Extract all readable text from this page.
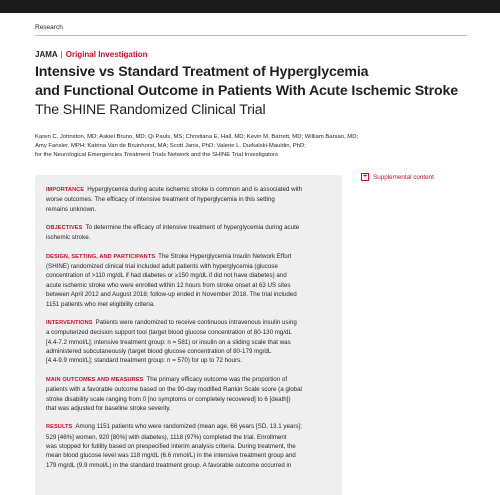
Research
JAMA | Original Investigation
Intensive vs Standard Treatment of Hyperglycemia
and Functional Outcome in Patients With Acute Ischemic Stroke
The SHINE Randomized Clinical Trial
Karen C. Johnston, MD; Askiel Bruno, MD; Qi Pauls, MS; Christiana E. Hall, MD; Kevin M. Barrett, MD; William Barsan, MD;
Amy Fansler, MPH; Katrina Van de Bruinhorst, MA; Scott Janis, PhD; Valerie L. Durkalski-Mauldin, PhD;
for the Neurological Emergencies Treatment Trials Network and the SHINE Trial Investigators
+ Supplemental content
IMPORTANCE Hyperglycemia during acute ischemic stroke is common and is associated with
worse outcomes. The efficacy of intensive treatment of hyperglycemia in this setting
remains unknown.
OBJECTIVES To determine the efficacy of intensive treatment of hyperglycemia during acute
ischemic stroke.
DESIGN, SETTING, AND PARTICIPANTS The Stroke Hyperglycemia Insulin Network Effort
(SHINE) randomized clinical trial included adult patients with hyperglycemia (glucose
concentration of >110 mg/dL if had diabetes or ≥150 mg/dL if did not have diabetes) and
acute ischemic stroke who were enrolled within 12 hours from stroke onset at 63 US sites
between April 2012 and August 2018; follow-up ended in November 2018. The trial included
1151 patients who met eligibility criteria.
INTERVENTIONS Patients were randomized to receive continuous intravenous insulin using
a computerized decision support tool (target blood glucose concentration of 80-130 mg/dL
[4.4-7.2 mmol/L]; intensive treatment group: n = 581) or insulin on a sliding scale that was
administered subcutaneously (target blood glucose concentration of 80-179 mg/dL
[4.4-9.9 mmol/L]; standard treatment group: n = 570) for up to 72 hours.
MAIN OUTCOMES AND MEASURES The primary efficacy outcome was the proportion of
patients with a favorable outcome based on the 90-day modified Rankin Scale score (a global
stroke disability scale ranging from 0 [no symptoms or completely recovered] to 6 [death])
that was adjusted for baseline stroke severity.
RESULTS Among 1151 patients who were randomized (mean age, 66 years [SD, 13.1 years];
529 [46%] women, 920 [80%] with diabetes), 1118 (97%) completed the trial. Enrollment
was stopped for futility based on prespecified interim analysis criteria. During treatment, the
mean blood glucose level was 118 mg/dL (6.6 mmol/L) in the intensive treatment group and
179 mg/dL (9.9 mmol/L) in the standard treatment group. A favorable outcome occurred in
